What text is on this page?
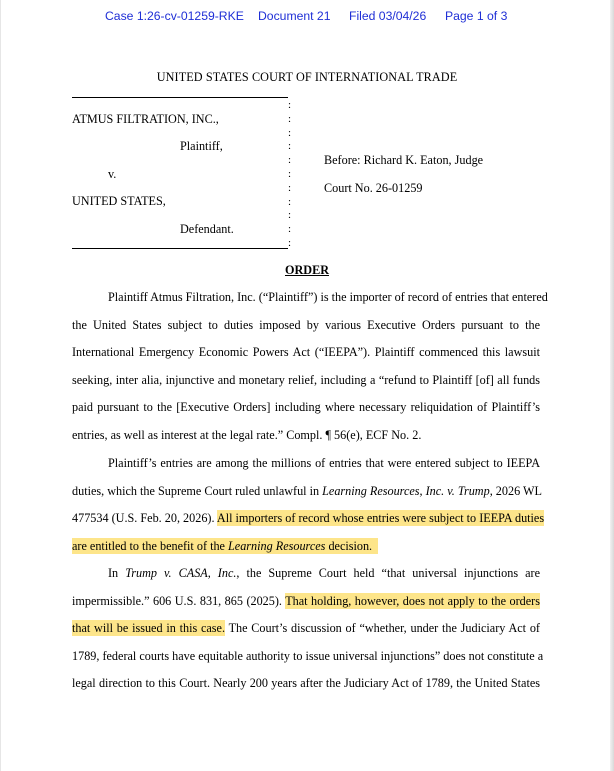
Case 1:26-cv-01259-RKE Document 21 Filed 03/04/26 Page 1 of 3
UNITED STATES COURT OF INTERNATIONAL TRADE
:
:
:
:
:
:
:
:
:
:
:
ATMUS FILTRATION, INC.,
Plaintiff,
v.
UNITED STATES,
Defendant.
Before: Richard K. Eaton, Judge
Court No. 26-01259
ORDER
Plaintiff Atmus Filtration, Inc. (“Plaintiff”) is the importer of record of entries that entered
the United States subject to duties imposed by various Executive Orders pursuant to the
International Emergency Economic Powers Act (“IEEPA”). Plaintiff commenced this lawsuit
seeking, inter alia, injunctive and monetary relief, including a “refund to Plaintiff [of] all funds
paid pursuant to the [Executive Orders] including where necessary reliquidation of Plaintiff’s
entries, as well as interest at the legal rate.” Compl. ¶ 56(e), ECF No. 2.
Plaintiff’s entries are among the millions of entries that were entered subject to IEEPA
duties, which the Supreme Court ruled unlawful in Learning Resources, Inc. v. Trump, 2026 WL
477534 (U.S. Feb. 20, 2026). All importers of record whose entries were subject to IEEPA duties
are entitled to the benefit of the Learning Resources decision.
In Trump v. CASA, Inc., the Supreme Court held “that universal injunctions are
impermissible.” 606 U.S. 831, 865 (2025). That holding, however, does not apply to the orders
that will be issued in this case. The Court’s discussion of “whether, under the Judiciary Act of
1789, federal courts have equitable authority to issue universal injunctions” does not constitute a
legal direction to this Court. Nearly 200 years after the Judiciary Act of 1789, the United States
